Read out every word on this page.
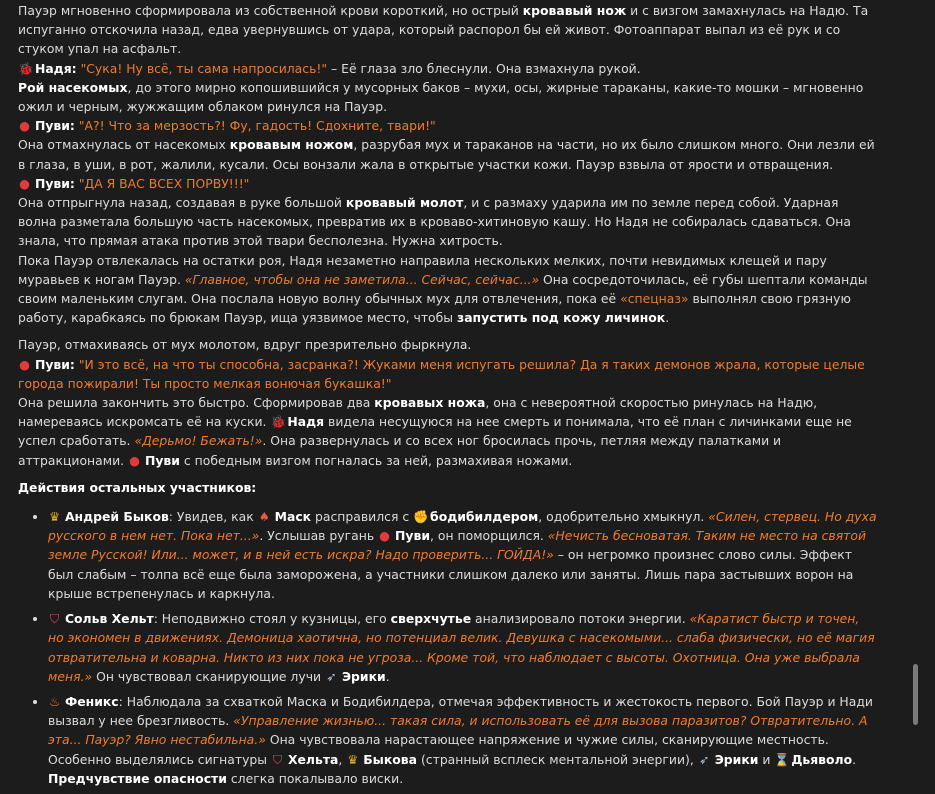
Пауэр мгновенно сформировала из собственной крови короткий, но острый кровавый нож и с визгом замахнулась на Надю. Та испуганно отскочила назад, едва увернувшись от удара, который распорол бы ей живот. Фотоаппарат выпал из её рук и со стуком упал на асфальт.

🐞 Надя: "Сука! Ну всё, ты сама напросилась!" – Её глаза зло блеснули. Она взмахнула рукой.

Рой насекомых, до этого мирно копошившийся у мусорных баков – мухи, осы, жирные тараканы, какие-то мошки – мгновенно ожил и черным, жужжащим облаком ринулся на Пауэр.

● Пуви: "А?! Что за мерзость?! Фу, гадость! Сдохните, твари!"

Она отмахнулась от насекомых кровавым ножом, разрубая мух и тараканов на части, но их было слишком много. Они лезли ей в глаза, в уши, в рот, жалили, кусали. Осы вонзали жала в открытые участки кожи. Пауэр взвыла от ярости и отвращения.

● Пуви: "ДА Я ВАС ВСЕХ ПОРВУ!!!"

Она отпрыгнула назад, создавая в руке большой кровавый молот, и с размаху ударила им по земле перед собой. Ударная волна разметала большую часть насекомых, превратив их в кроваво-хитиновую кашу. Но Надя не собиралась сдаваться. Она знала, что прямая атака против этой твари бесполезна. Нужна хитрость.

Пока Пауэр отвлекалась на остатки роя, Надя незаметно направила нескольких мелких, почти невидимых клещей и пару муравьев к ногам Пауэр. «Главное, чтобы она не заметила... Сейчас, сейчас...» Она сосредоточилась, её губы шептали команды своим маленьким слугам. Она послала новую волну обычных мух для отвлечения, пока её «спецназ» выполнял свою грязную работу, карабкаясь по брюкам Пауэр, ища уязвимое место, чтобы запустить под кожу личинок.

Пауэр, отмахиваясь от мух молотом, вдруг презрительно фыркнула.

● Пуви: "И это всё, на что ты способна, засранка?! Жуками меня испугать решила? Да я таких демонов жрала, которые целые города пожирали! Ты просто мелкая вонючая букашка!"

Она решила закончить это быстро. Сформировав два кровавых ножа, она с невероятной скоростью ринулась на Надю, намереваясь искромсать её на куски. 🐞 Надя видела несущуюся на нее смерть и понимала, что её план с личинками еще не успел сработать. «Дерьмо! Бежать!». Она развернулась и со всех ног бросилась прочь, петляя между палатками и аттракционами. ● Пуви с победным визгом погналась за ней, размахивая ножами.

Действия остальных участников:
• ♛ Андрей Быков: Увидев, как ♠ Маск расправился с ✊ бодибилдером, одобрительно хмыкнул. «Силен, стервец. Но духа русского в нем нет. Пока нет...». Услышав ругань ● Пуви, он поморщился. «Нечисть бесноватая. Таким не место на святой земле Русской! Или... может, и в ней есть искра? Надо проверить... ГОЙДА!» – он негромко произнес слово силы. Эффект был слабым – толпа всё еще была заморожена, а участники слишком далеко или заняты. Лишь пара застывших ворон на крыше встрепенулась и каркнула.
• ⛉ Сольв Хельт: Неподвижно стоял у кузницы, его сверхчутье анализировало потоки энергии. «Каратист быстр и точен, но экономен в движениях. Демоница хаотична, но потенциал велик. Девушка с насекомыми... слаба физически, но её магия отвратительна и коварна. Никто из них пока не угроза... Кроме той, что наблюдает с высоты. Охотница. Она уже выбрала меня.» Он чувствовал сканирующие лучи ➶ Эрики.
• ♨ Феникс: Наблюдала за схваткой Маска и Бодибилдера, отмечая эффективность и жестокость первого. Бой Пауэр и Нади вызвал у нее брезгливость. «Управление жизнью... такая сила, и использовать её для вызова паразитов? Отвратительно. А эта... Пауэр? Явно нестабильна.» Она чувствовала нарастающее напряжение и чужие силы, сканирующие местность. Особенно выделялись сигнатуры ⛉ Хельта, ♛ Быкова (странный всплеск ментальной энергии), ➶ Эрики и ⌛ Дьяволо. Предчувствие опасности слегка покалывало виски.
